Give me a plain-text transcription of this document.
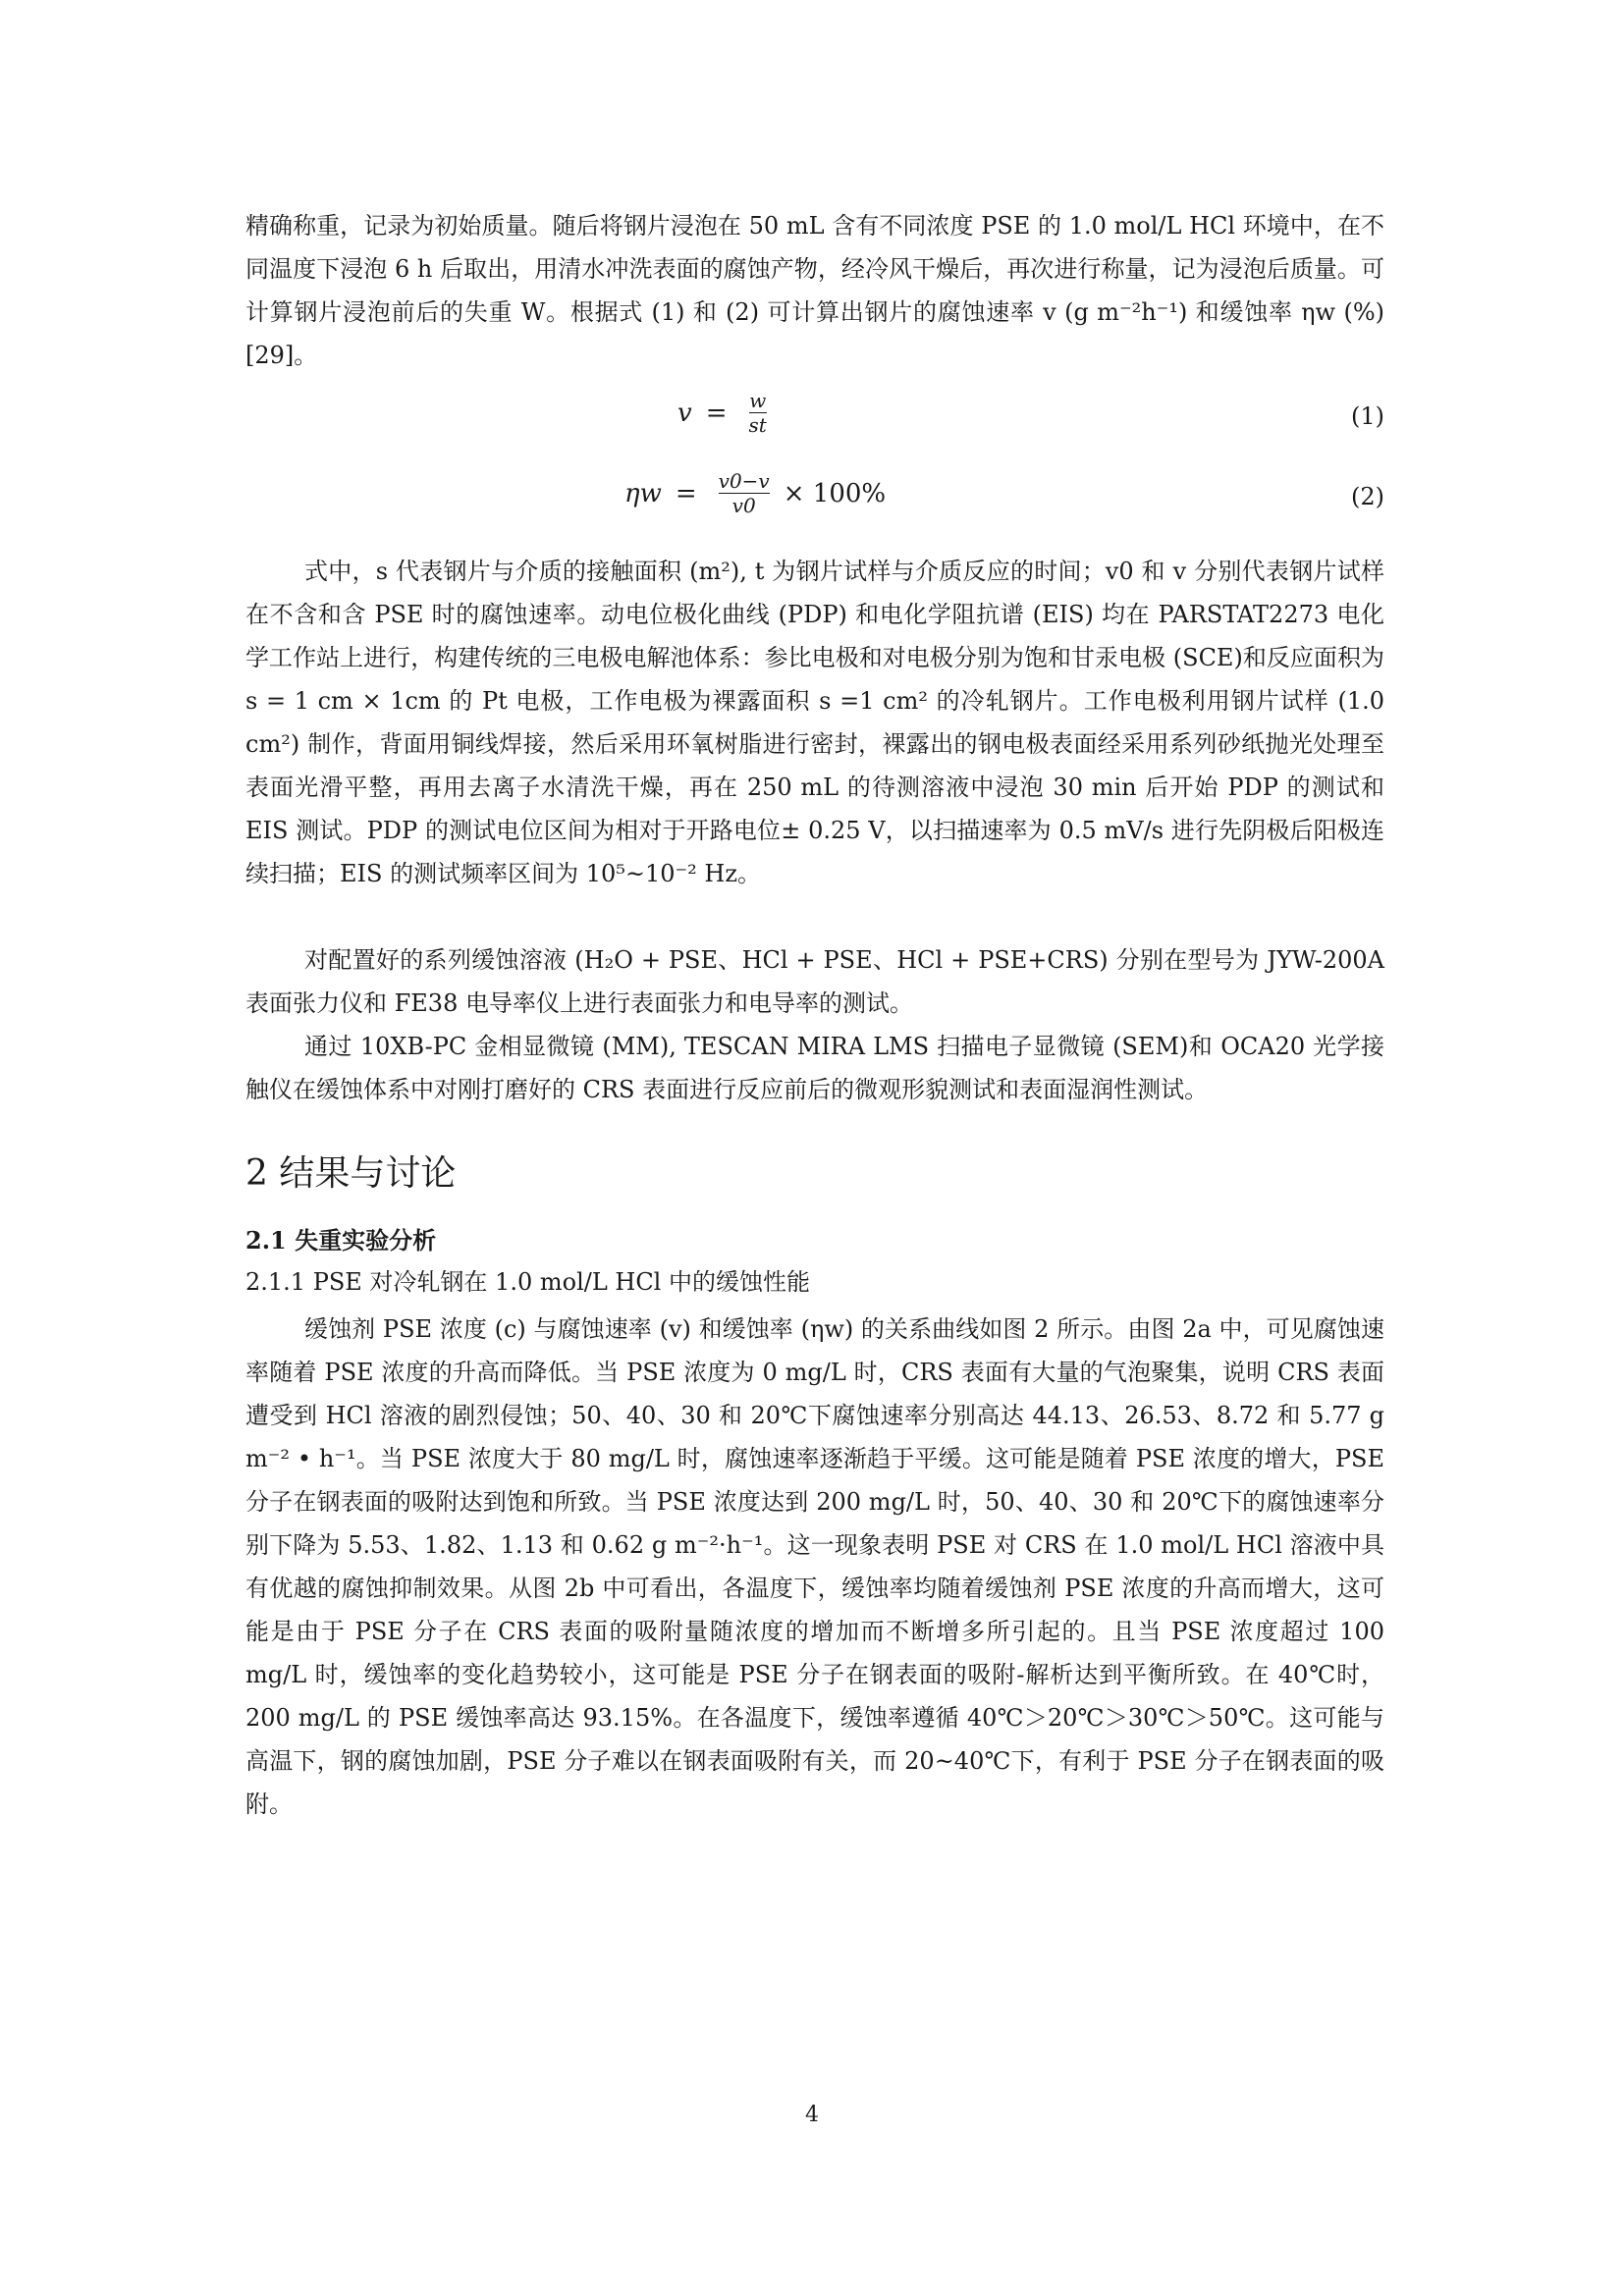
精确称重，记录为初始质量。随后将钢片浸泡在 50 mL 含有不同浓度 PSE 的 1.0 mol/L HCl 环境中，在不同温度下浸泡 6 h 后取出，用清水冲洗表面的腐蚀产物，经冷风干燥后，再次进行称量，记为浸泡后质量。可计算钢片浸泡前后的失重 W。根据式 (1) 和 (2) 可计算出钢片的腐蚀速率 v (g m⁻²h⁻¹) 和缓蚀率 ηw (%)[29]。

$v = \frac{w}{st}$	(1)
$\eta w = \frac{v0-v}{v0} \times 100\%$	(2)

式中，s 代表钢片与介质的接触面积 (m²), t 为钢片试样与介质反应的时间；v0 和 v 分别代表钢片试样在不含和含 PSE 时的腐蚀速率。动电位极化曲线 (PDP) 和电化学阻抗谱 (EIS) 均在 PARSTAT2273 电化学工作站上进行，构建传统的三电极电解池体系：参比电极和对电极分别为饱和甘汞电极 (SCE)和反应面积为 s = 1 cm × 1cm 的 Pt 电极，工作电极为裸露面积 s =1 cm² 的冷轧钢片。工作电极利用钢片试样 (1.0 cm²) 制作，背面用铜线焊接，然后采用环氧树脂进行密封，裸露出的钢电极表面经采用系列砂纸抛光处理至表面光滑平整，再用去离子水清洗干燥，再在 250 mL 的待测溶液中浸泡 30 min 后开始 PDP 的测试和 EIS 测试。PDP 的测试电位区间为相对于开路电位± 0.25 V，以扫描速率为 0.5 mV/s 进行先阴极后阳极连续扫描；EIS 的测试频率区间为 10⁵~10⁻² Hz。

对配置好的系列缓蚀溶液 (H₂O + PSE、HCl + PSE、HCl + PSE+CRS) 分别在型号为 JYW-200A 表面张力仪和 FE38 电导率仪上进行表面张力和电导率的测试。

通过 10XB-PC 金相显微镜 (MM), TESCAN MIRA LMS 扫描电子显微镜 (SEM)和 OCA20 光学接触仪在缓蚀体系中对刚打磨好的 CRS 表面进行反应前后的微观形貌测试和表面湿润性测试。

2 结果与讨论
2.1 失重实验分析
2.1.1 PSE 对冷轧钢在 1.0 mol/L HCl 中的缓蚀性能

缓蚀剂 PSE 浓度 (c) 与腐蚀速率 (v) 和缓蚀率 (ηw) 的关系曲线如图 2 所示。由图 2a 中，可见腐蚀速率随着 PSE 浓度的升高而降低。当 PSE 浓度为 0 mg/L 时，CRS 表面有大量的气泡聚集，说明 CRS 表面遭受到 HCl 溶液的剧烈侵蚀；50、40、30 和 20℃下腐蚀速率分别高达 44.13、26.53、8.72 和 5.77 g m⁻² • h⁻¹。当 PSE 浓度大于 80 mg/L 时，腐蚀速率逐渐趋于平缓。这可能是随着 PSE 浓度的增大，PSE 分子在钢表面的吸附达到饱和所致。当 PSE 浓度达到 200 mg/L 时，50、40、30 和 20℃下的腐蚀速率分别下降为 5.53、1.82、1.13 和 0.62 g m⁻²·h⁻¹。这一现象表明 PSE 对 CRS 在 1.0 mol/L HCl 溶液中具有优越的腐蚀抑制效果。从图 2b 中可看出，各温度下，缓蚀率均随着缓蚀剂 PSE 浓度的升高而增大，这可能是由于 PSE 分子在 CRS 表面的吸附量随浓度的增加而不断增多所引起的。且当 PSE 浓度超过 100 mg/L 时，缓蚀率的变化趋势较小，这可能是 PSE 分子在钢表面的吸附-解析达到平衡所致。在 40℃时，200 mg/L 的 PSE 缓蚀率高达 93.15%。在各温度下，缓蚀率遵循 40℃＞20℃＞30℃＞50℃。这可能与高温下，钢的腐蚀加剧，PSE 分子难以在钢表面吸附有关，而 20~40℃下，有利于 PSE 分子在钢表面的吸附。

4
